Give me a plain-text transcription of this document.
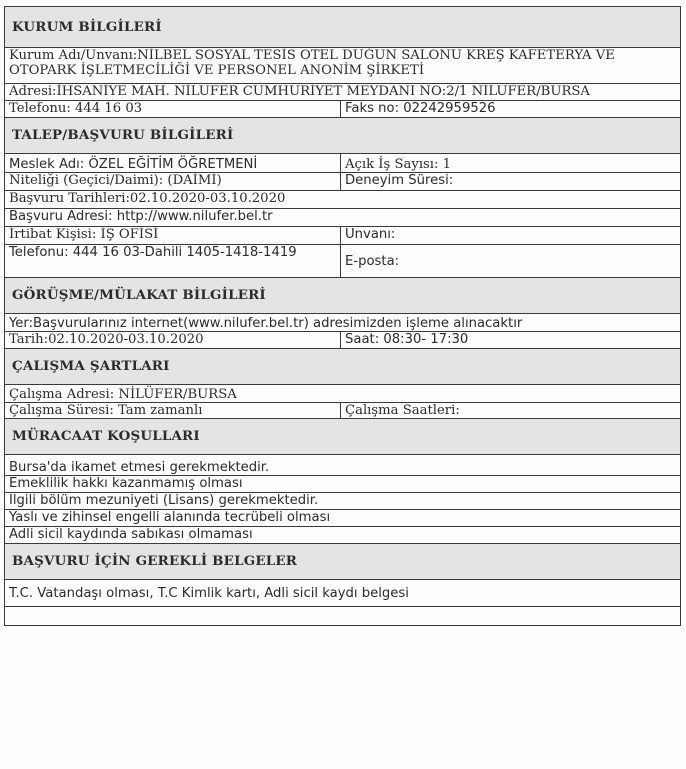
KURUM BİLGİLERİ	
Kurum Adı/Unvanı:NİLBEL SOSYAL TESİS OTEL DÜĞÜN SALONU KREŞ KAFETERYA VE OTOPARK İŞLETMECİLİĞİ VE PERSONEL ANONİM ŞİRKETİ	
Adresi:İHSANİYE MAH. NİLÜFER CUMHURİYET MEYDANI NO:2/1 NİLÜFER/BURSA	
Telefonu: 444 16 03	Faks no: 02242959526
TALEP/BAŞVURU BİLGİLERİ	
Meslek Adı: ÖZEL EĞİTİM ÖĞRETMENİ	Açık İş Sayısı: 1
Niteliği (Geçici/Daimi): (DAİMİ)	Deneyim Süresi:
Başvuru Tarihleri:02.10.2020-03.10.2020	
Başvuru Adresi: http://www.nilufer.bel.tr	
İrtibat Kişisi: İŞ OFİSİ	Unvanı:
Telefonu: 444 16 03-Dahili 1405-1418-1419	E-posta:
GÖRÜŞME/MÜLAKAT BİLGİLERİ	
Yer:Başvurularınız internet(www.nilufer.bel.tr) adresimizden işleme alınacaktır	
Tarih:02.10.2020-03.10.2020	Saat: 08:30- 17:30
ÇALIŞMA ŞARTLARI	
Çalışma Adresi: NİLÜFER/BURSA	
Çalışma Süresi: Tam zamanlı	Çalışma Saatleri:
MÜRACAAT KOŞULLARI	
Bursa'da ikamet etmesi gerekmektedir.	
Emeklilik hakkı kazanmamış olması	
İlgili bölüm mezuniyeti (Lisans) gerekmektedir.	
Yaslı ve zihinsel engelli alanında tecrübeli olması	
Adli sicil kaydında sabıkası olmaması	
BAŞVURU İÇİN GEREKLİ BELGELER	
T.C. Vatandaşı olması, T.C Kimlik kartı, Adli sicil kaydı belgesi	
